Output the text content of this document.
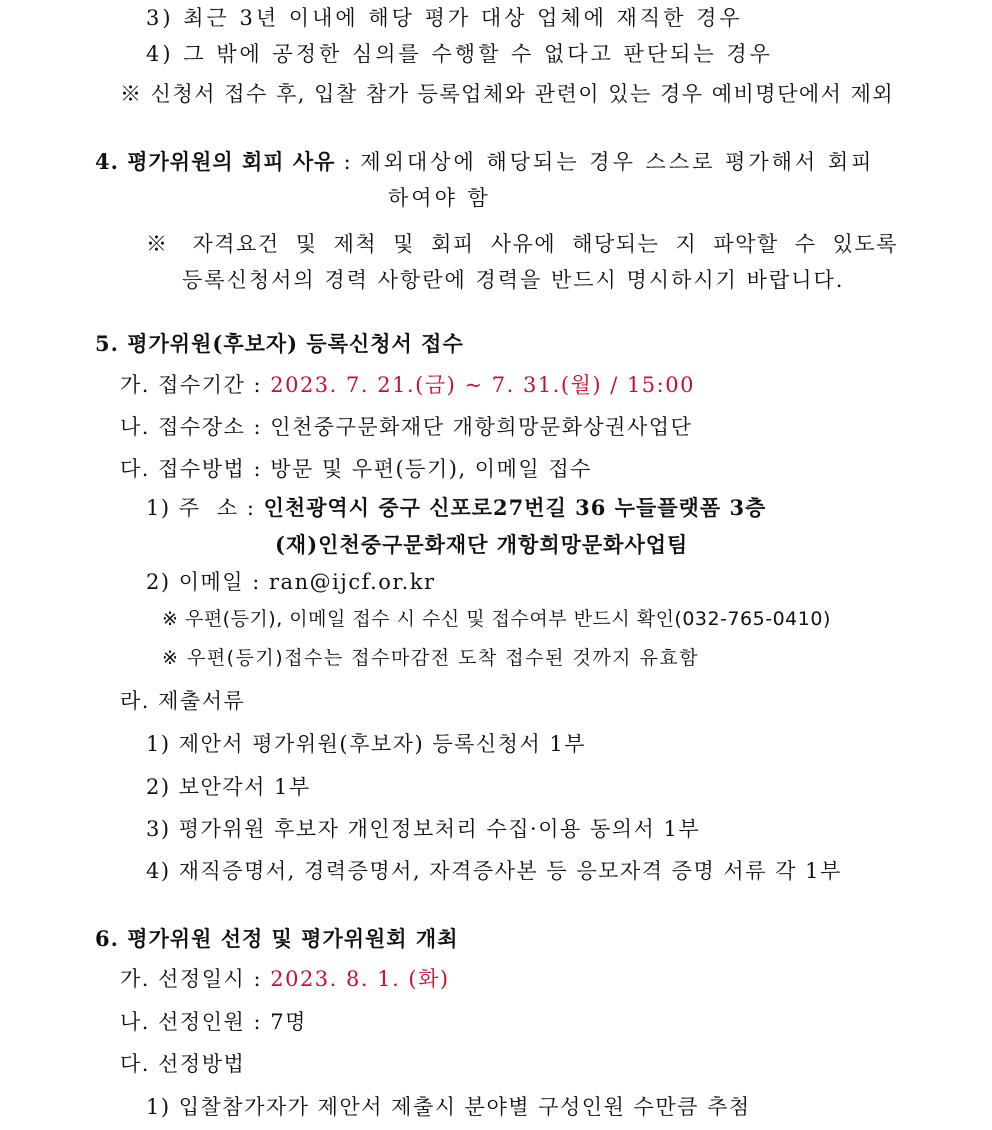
3) 최근 3년 이내에 해당 평가 대상 업체에 재직한 경우
4) 그 밖에 공정한 심의를 수행할 수 없다고 판단되는 경우
※ 신청서 접수 후, 입찰 참가 등록업체와 관련이 있는 경우 예비명단에서 제외
4. 평가위원의 회피 사유 : 제외대상에 해당되는 경우 스스로 평가해서 회피
하여야 함
※ 자격요건 및 제척 및 회피 사유에 해당되는 지 파악할 수 있도록
등록신청서의 경력 사항란에 경력을 반드시 명시하시기 바랍니다.
5. 평가위원(후보자) 등록신청서 접수
가. 접수기간 : 2023. 7. 21.(금) ~ 7. 31.(월) / 15:00
나. 접수장소 : 인천중구문화재단 개항희망문화상권사업단
다. 접수방법 : 방문 및 우편(등기), 이메일 접수
1) 주  소 : 인천광역시 중구 신포로27번길 36 누들플랫폼 3층
(재)인천중구문화재단 개항희망문화사업팀
2) 이메일 : ran@ijcf.or.kr
※ 우편(등기), 이메일 접수 시 수신 및 접수여부 반드시 확인(032-765-0410)
※ 우편(등기)접수는 접수마감전 도착 접수된 것까지 유효함
라. 제출서류
1) 제안서 평가위원(후보자) 등록신청서 1부
2) 보안각서 1부
3) 평가위원 후보자 개인정보처리 수집·이용 동의서 1부
4) 재직증명서, 경력증명서, 자격증사본 등 응모자격 증명 서류 각 1부
6. 평가위원 선정 및 평가위원회 개최
가. 선정일시 : 2023. 8. 1. (화)
나. 선정인원 : 7명
다. 선정방법
1) 입찰참가자가 제안서 제출시 분야별 구성인원 수만큼 추첨
